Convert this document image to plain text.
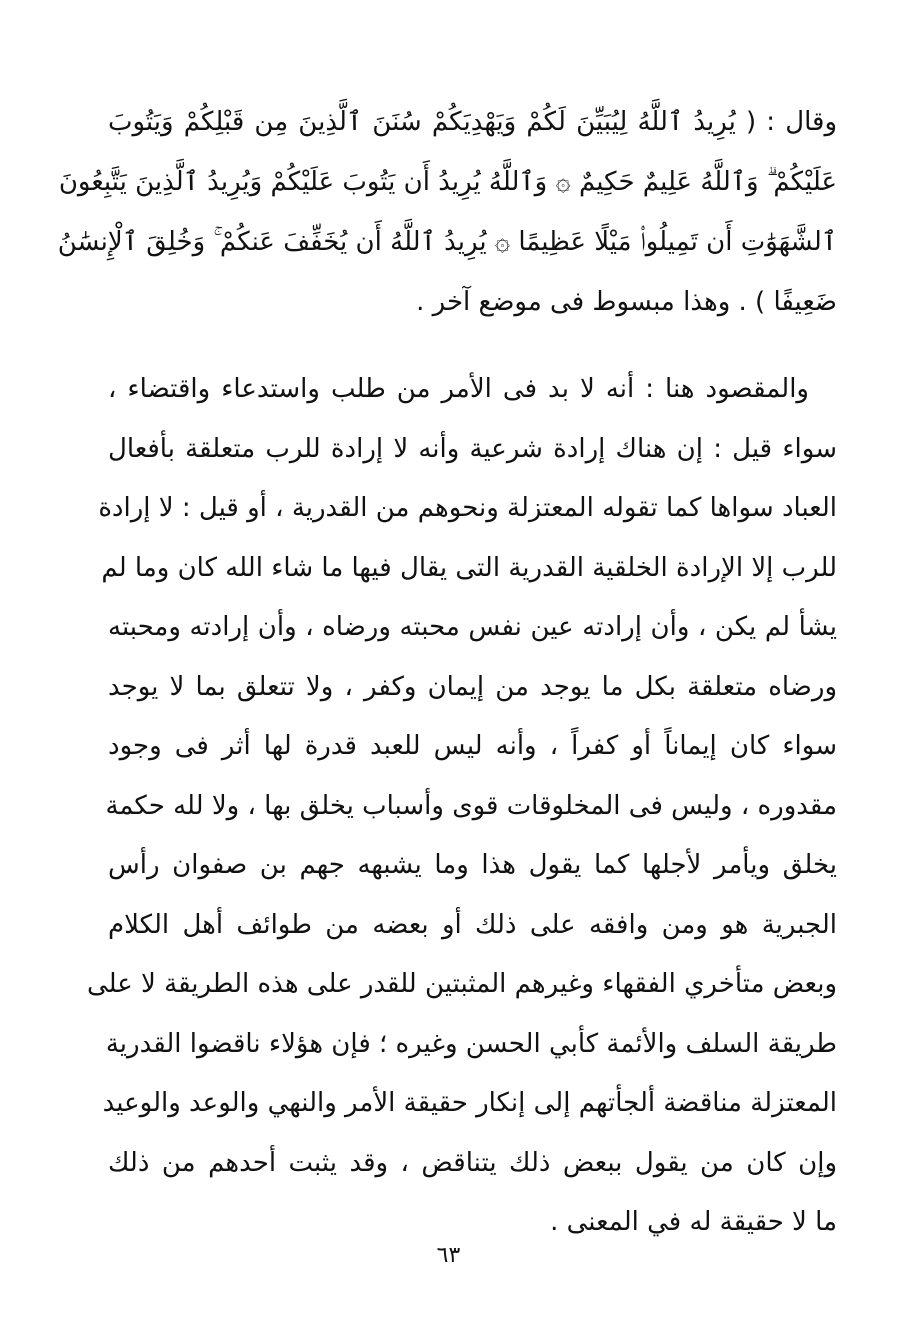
وقال : ( يُرِيدُ ٱللَّهُ لِيُبَيِّنَ لَكُمْ وَيَهْدِيَكُمْ سُنَنَ ٱلَّذِينَ مِن قَبْلِكُمْ وَيَتُوبَ
عَلَيْكُمْ ۗ وَٱللَّهُ عَلِيمٌ حَكِيمٌ ۞ وَٱللَّهُ يُرِيدُ أَن يَتُوبَ عَلَيْكُمْ وَيُرِيدُ ٱلَّذِينَ يَتَّبِعُونَ
ٱلشَّهَوَٰتِ أَن تَمِيلُوا۟ مَيْلًا عَظِيمًا ۞ يُرِيدُ ٱللَّهُ أَن يُخَفِّفَ عَنكُمْ ۚ وَخُلِقَ ٱلْإِنسَٰنُ
ضَعِيفًا ) . وهذا مبسوط فى موضع آخر .

والمقصود هنا : أنه لا بد فى الأمر من طلب واستدعاء واقتضاء ،
سواء قيل : إن هناك إرادة شرعية وأنه لا إرادة للرب متعلقة بأفعال
العباد سواها كما تقوله المعتزلة ونحوهم من القدرية ، أو قيل : لا إرادة
للرب إلا الإرادة الخلقية القدرية التى يقال فيها ما شاء الله كان وما لم
يشأ لم يكن ، وأن إرادته عين نفس محبته ورضاه ، وأن إرادته ومحبته
ورضاه متعلقة بكل ما يوجد من إيمان وكفر ، ولا تتعلق بما لا يوجد
سواء كان إيماناً أو كفراً ، وأنه ليس للعبد قدرة لها أثر فى وجود
مقدوره ، وليس فى المخلوقات قوى وأسباب يخلق بها ، ولا لله حكمة
يخلق ويأمر لأجلها كما يقول هذا وما يشبهه جهم بن صفوان رأس
الجبرية هو ومن وافقه على ذلك أو بعضه من طوائف أهل الكلام
وبعض متأخري الفقهاء وغيرهم المثبتين للقدر على هذه الطريقة لا على
طريقة السلف والأئمة كأبي الحسن وغيره ؛ فإن هؤلاء ناقضوا القدرية
المعتزلة مناقضة ألجأتهم إلى إنكار حقيقة الأمر والنهي والوعد والوعيد
وإن كان من يقول ببعض ذلك يتناقض ، وقد يثبت أحدهم من ذلك
ما لا حقيقة له في المعنى .
٦٣
